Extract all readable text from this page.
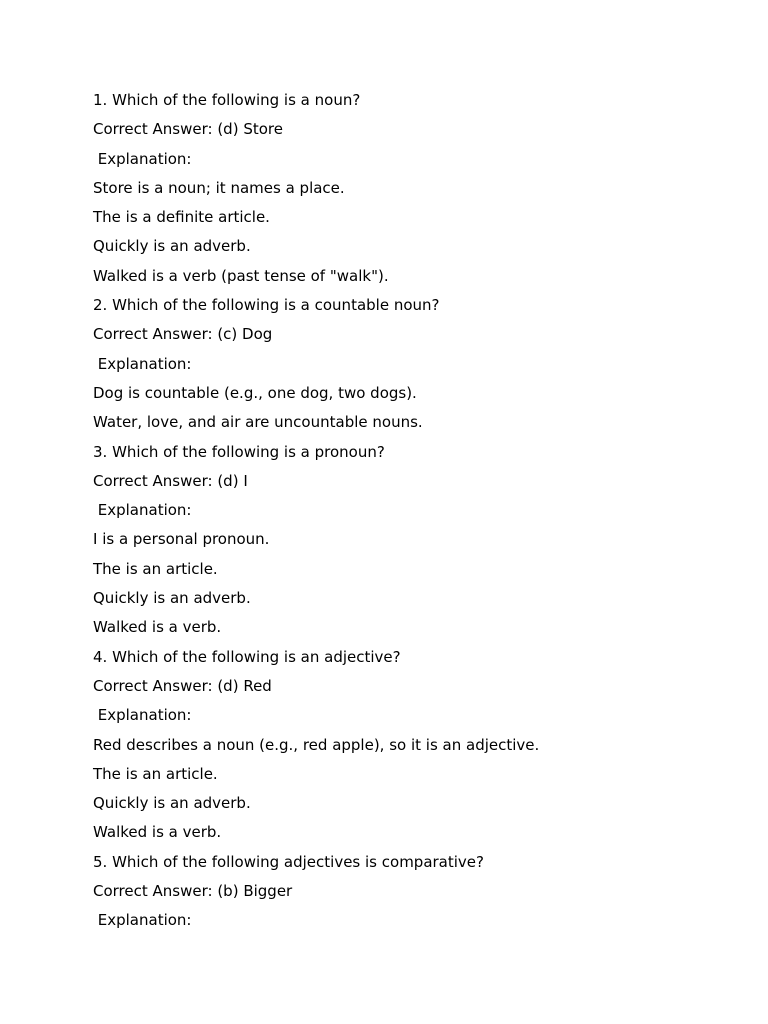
1. Which of the following is a noun?
Correct Answer: (d) Store
Explanation:
Store is a noun; it names a place.
The is a definite article.
Quickly is an adverb.
Walked is a verb (past tense of "walk").
2. Which of the following is a countable noun?
Correct Answer: (c) Dog
Explanation:
Dog is countable (e.g., one dog, two dogs).
Water, love, and air are uncountable nouns.
3. Which of the following is a pronoun?
Correct Answer: (d) I
Explanation:
I is a personal pronoun.
The is an article.
Quickly is an adverb.
Walked is a verb.
4. Which of the following is an adjective?
Correct Answer: (d) Red
Explanation:
Red describes a noun (e.g., red apple), so it is an adjective.
The is an article.
Quickly is an adverb.
Walked is a verb.
5. Which of the following adjectives is comparative?
Correct Answer: (b) Bigger
Explanation:
